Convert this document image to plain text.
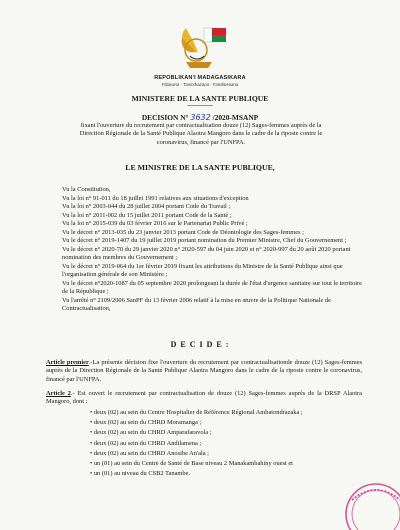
REPOBLIKAN'I MADAGASIKARA
Fitiavana - Tanindrazana - Fandrosoana
MINISTERE DE LA SANTE PUBLIQUE
-----------------
DECISION N° 3632 /2020-MSANP
fixant l'ouverture du recrutement par contractualisation douze (12) Sages-femmes auprès de la Direction Régionale de la Santé Publique Alaotra Mangoro dans le cadre de la riposte contre le coronavirus, financé par l'UNFPA.
LE MINISTRE DE LA SANTE PUBLIQUE,
Vu la Constitution,
Vu la loi n° 91-011 du 18 juillet 1991 relatives aux situations d'exception
Vu la loi n° 2003-044 du 28 juillet 2004 portant Code du Travail ;
Vu la loi n° 2011-002 du 15 juillet 2011 portant Code de la Santé ;
Vu la loi n° 2015-039 du 03 février 2016 sur le Partenariat Public Privé ;
Vu le décret n° 2013-035 du 23 janvier 2013 portant Code de Déontologie des Sages-femmes ;
Vu le décret n° 2019-1407 du 19 juillet 2019 portant nomination du Premier Ministre, Chef du Gouvernement ;
Vu le décret n° 2020-70 du 29 janvier 2020 n° 2020-597 du 04 juin 2020 et n° 2020-997 du 20 août 2020 portant nomination des membres du Gouvernement ;
Vu le décret n° 2019-064 du 1er février 2019 fixant les attributions du Ministre de la Santé Publique ainsi que l'organisation générale de son Ministère ;
Vu le décret n°2020-1087 du 05 septembre 2020 prolongeant la durée de l'état d'urgence sanitaire sur tout le territoire de la République ;
Vu l'arrêté n° 2109/2006 SanPF du 13 février 2006 relatif à la mise en œuvre de la Politique Nationale de Contractualisation,
D E C I D E :
Article premier.-La présente décision fixe l'ouverture du recrutement par contractualisationde douze (12) Sages-femmes auprès de la Direction Régionale de la Santé Publique Alaotra Mangoro dans le cadre de la riposte contre le coronavirus, financé par l'UNFPA.
Article 2.- Est ouvert le recrutement par contractualisation de douze (12) Sages-femmes auprès de la DRSP Alaotra Mangoro, dont :
• deux (02) au sein du Centre Hospitalier de Référence Régional Ambatondrazaka ;
• deux (02) au sein du CHRD Moramanga ;
• deux (02) au sein du CHRD Amparafaravola ;
• deux (02) au sein du CHRD Andilamena ;
• deux (02) au sein du CHRD Anosibe An'ala ;
• un (01) au sein du Centre de Santé de Base niveau 2 Manakambahiny ouest et
• un (01) au niveau du CSB2 Tanambe.
